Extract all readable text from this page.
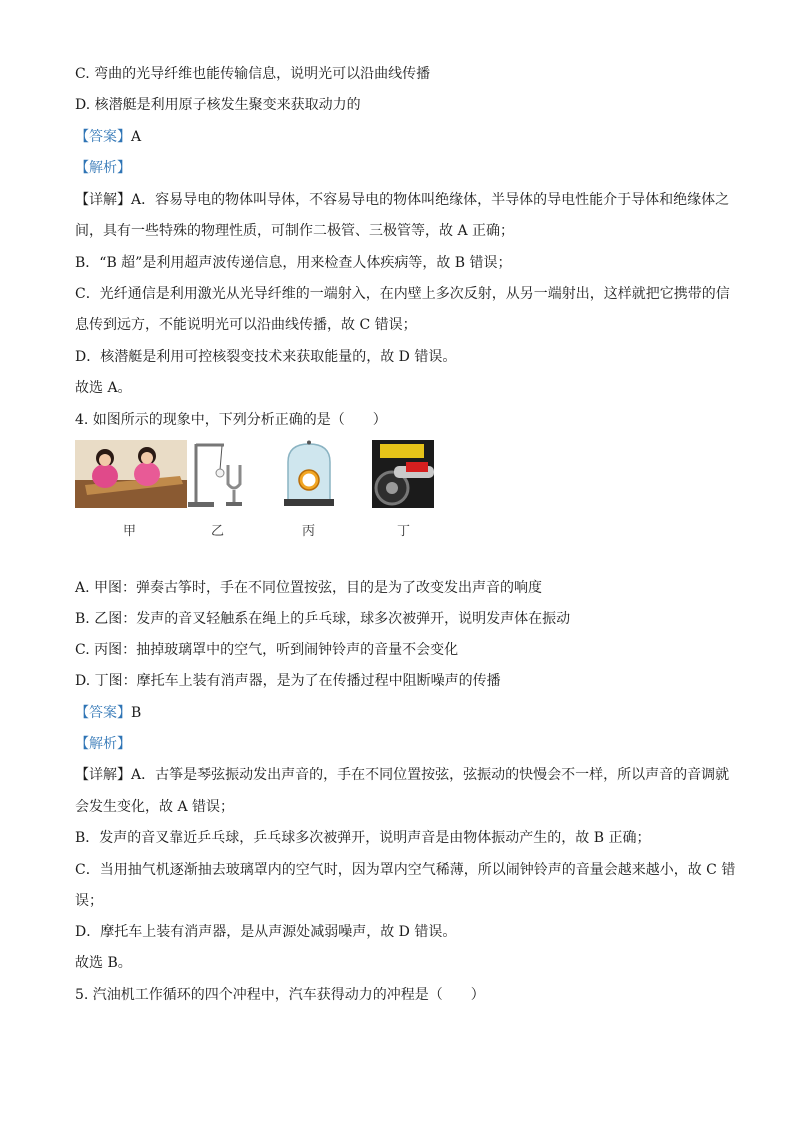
C. 弯曲的光导纤维也能传输信息，说明光可以沿曲线传播
D. 核潜艇是利用原子核发生聚变来获取动力的
【答案】A
【解析】
【详解】A．容易导电的物体叫导体，不容易导电的物体叫绝缘体，半导体的导电性能介于导体和绝缘体之
间，具有一些特殊的物理性质，可制作二极管、三极管等，故 A 正确；
B．“B 超”是利用超声波传递信息，用来检查人体疾病等，故 B 错误；
C．光纤通信是利用激光从光导纤维的一端射入，在内壁上多次反射，从另一端射出，这样就把它携带的信
息传到远方，不能说明光可以沿曲线传播，故 C 错误；
D．核潜艇是利用可控核裂变技术来获取能量的，故 D 错误。
故选 A。
4. 如图所示的现象中，下列分析正确的是（　　）
甲	乙	丙	丁
A. 甲图：弹奏古筝时，手在不同位置按弦，目的是为了改变发出声音的响度
B. 乙图：发声的音叉轻触系在绳上的乒乓球，球多次被弹开，说明发声体在振动
C. 丙图：抽掉玻璃罩中的空气，听到闹钟铃声的音量不会变化
D. 丁图：摩托车上装有消声器，是为了在传播过程中阻断噪声的传播
【答案】B
【解析】
【详解】A．古筝是琴弦振动发出声音的，手在不同位置按弦，弦振动的快慢会不一样，所以声音的音调就
会发生变化，故 A 错误；
B．发声的音叉靠近乒乓球，乒乓球多次被弹开，说明声音是由物体振动产生的，故 B 正确；
C．当用抽气机逐渐抽去玻璃罩内的空气时，因为罩内空气稀薄，所以闹钟铃声的音量会越来越小，故 C 错
误；
D．摩托车上装有消声器，是从声源处减弱噪声，故 D 错误。
故选 B。
5. 汽油机工作循环的四个冲程中，汽车获得动力的冲程是（　　）
